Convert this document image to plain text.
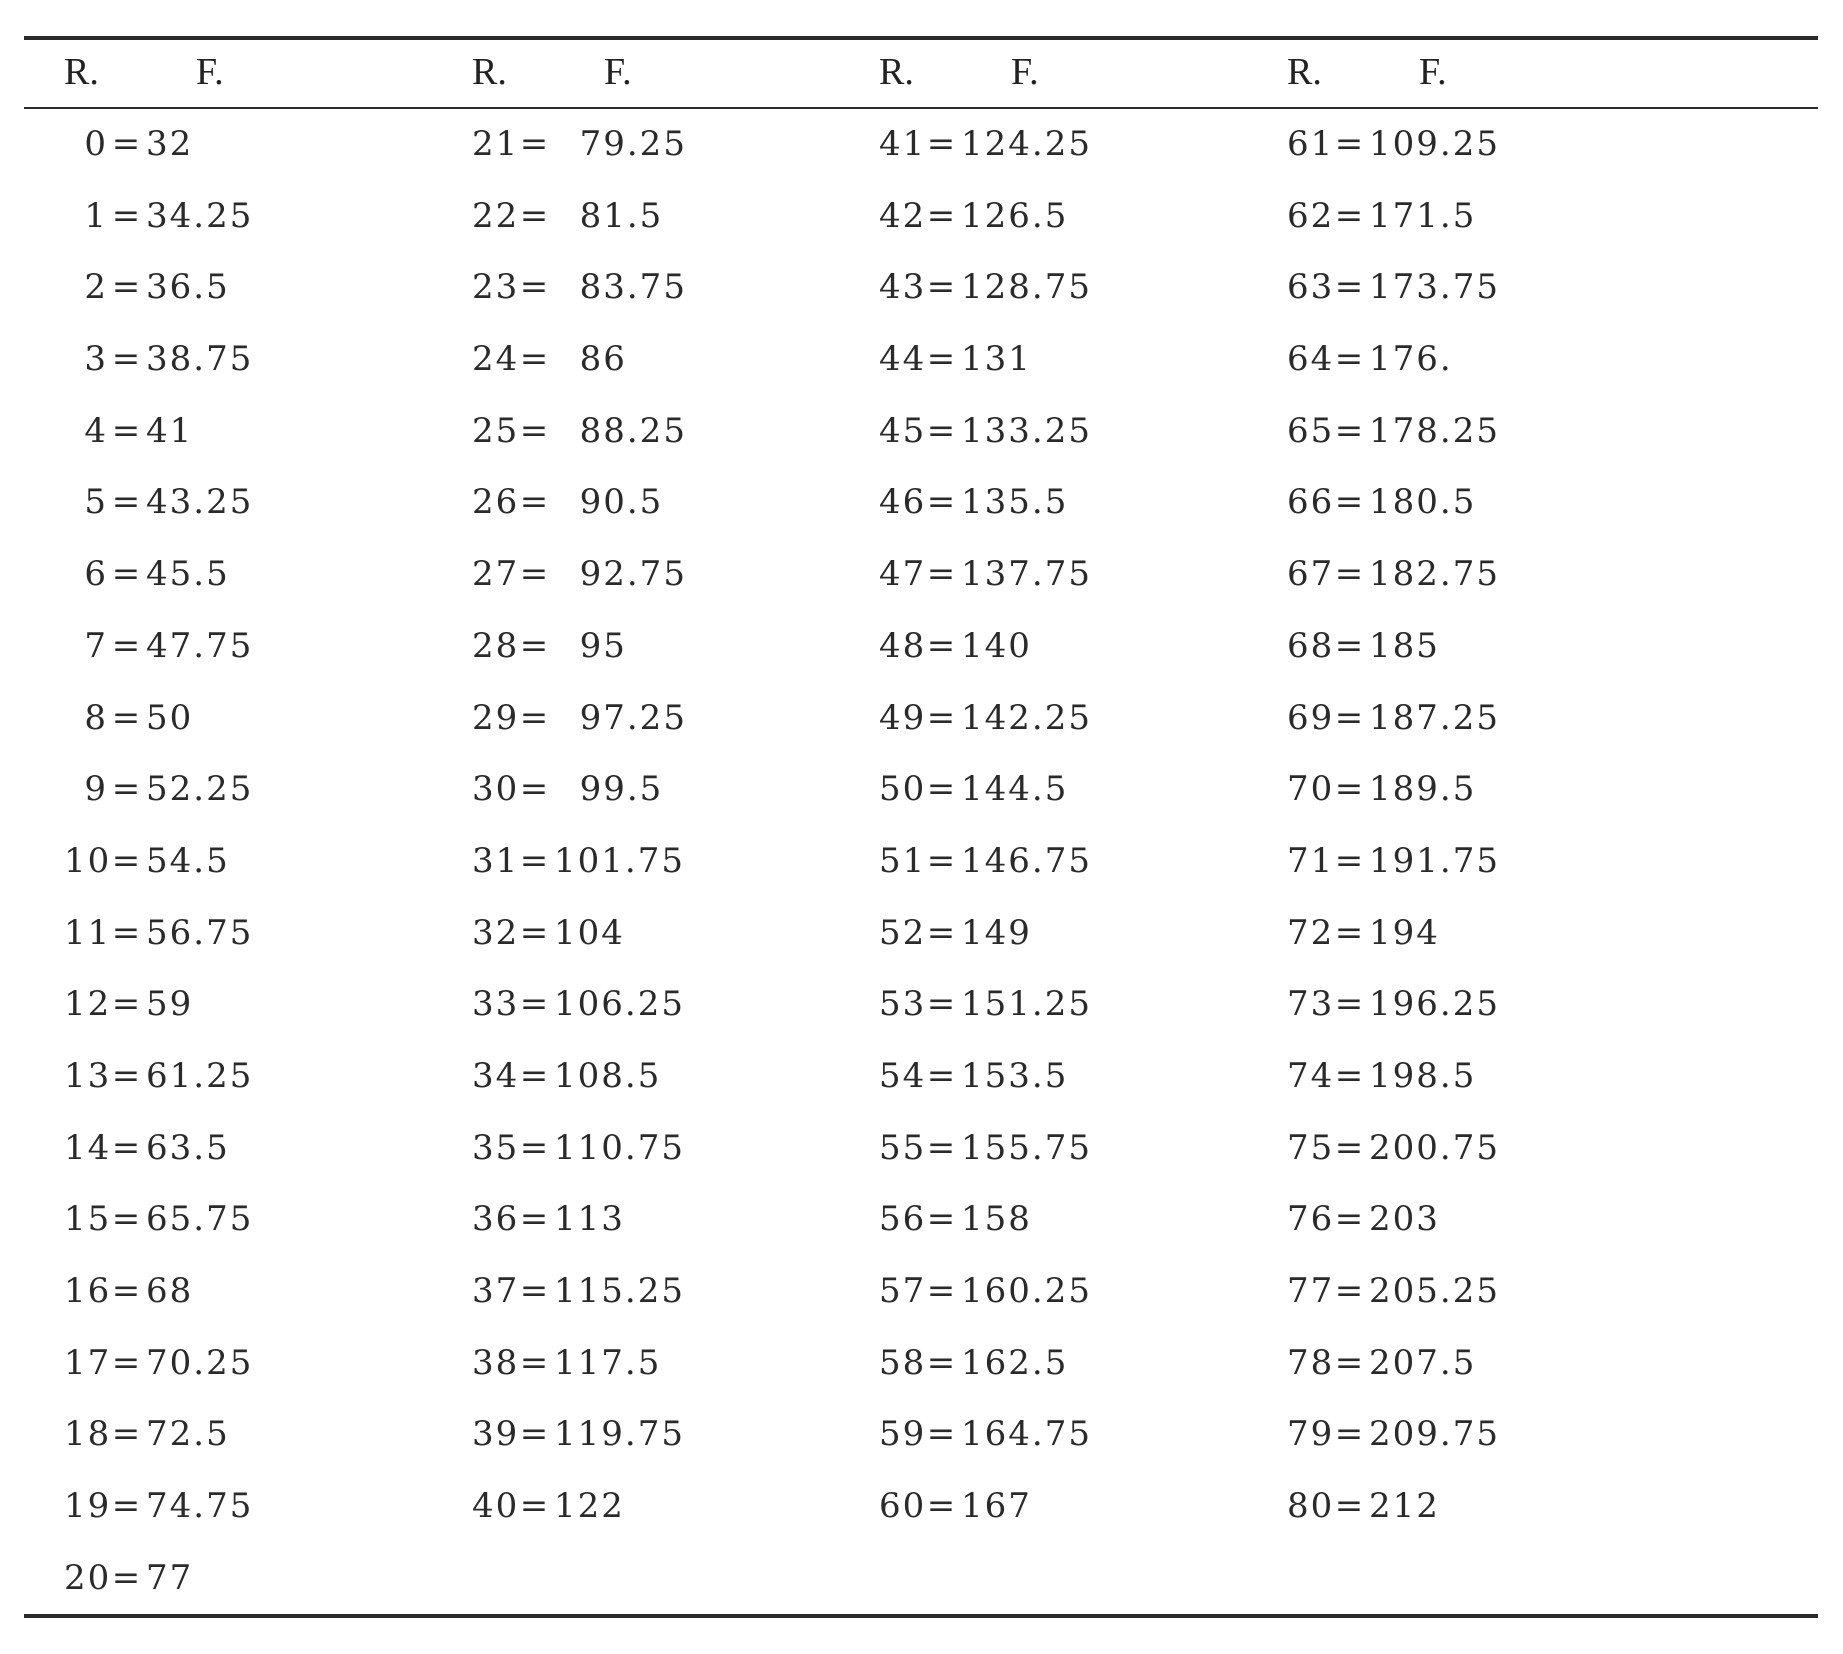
R.	F.
0 = 32
1 = 34.25
2 = 36.5
3 = 38.75
4 = 41
5 = 43.25
6 = 45.5
7 = 47.75
8 = 50
9 = 52.25
10= 54.5
11= 56.75
12= 59
13= 61.25
14= 63.5
15= 65.75
16= 68
17= 70.25
18= 72.5
19= 74.75
20= 77
R.	F.
21=  79.25
22=  81.5
23=  83.75
24=  86
25=  88.25
26=  90.5
27=  92.75
28=  95
29=  97.25
30=  99.5
31= 101.75
32= 104
33= 106.25
34= 108.5
35= 110.75
36= 113
37= 115.25
38= 117.5
39= 119.75
40= 122
R.	F.
41= 124.25
42= 126.5
43= 128.75
44= 131
45= 133.25
46= 135.5
47= 137.75
48= 140
49= 142.25
50= 144.5
51= 146.75
52= 149
53= 151.25
54= 153.5
55= 155.75
56= 158
57= 160.25
58= 162.5
59= 164.75
60= 167
R.	F.
61= 109.25
62= 171.5
63= 173.75
64= 176.
65= 178.25
66= 180.5
67= 182.75
68= 185
69= 187.25
70= 189.5
71= 191.75
72= 194
73= 196.25
74= 198.5
75= 200.75
76= 203
77= 205.25
78= 207.5
79= 209.75
80= 212
